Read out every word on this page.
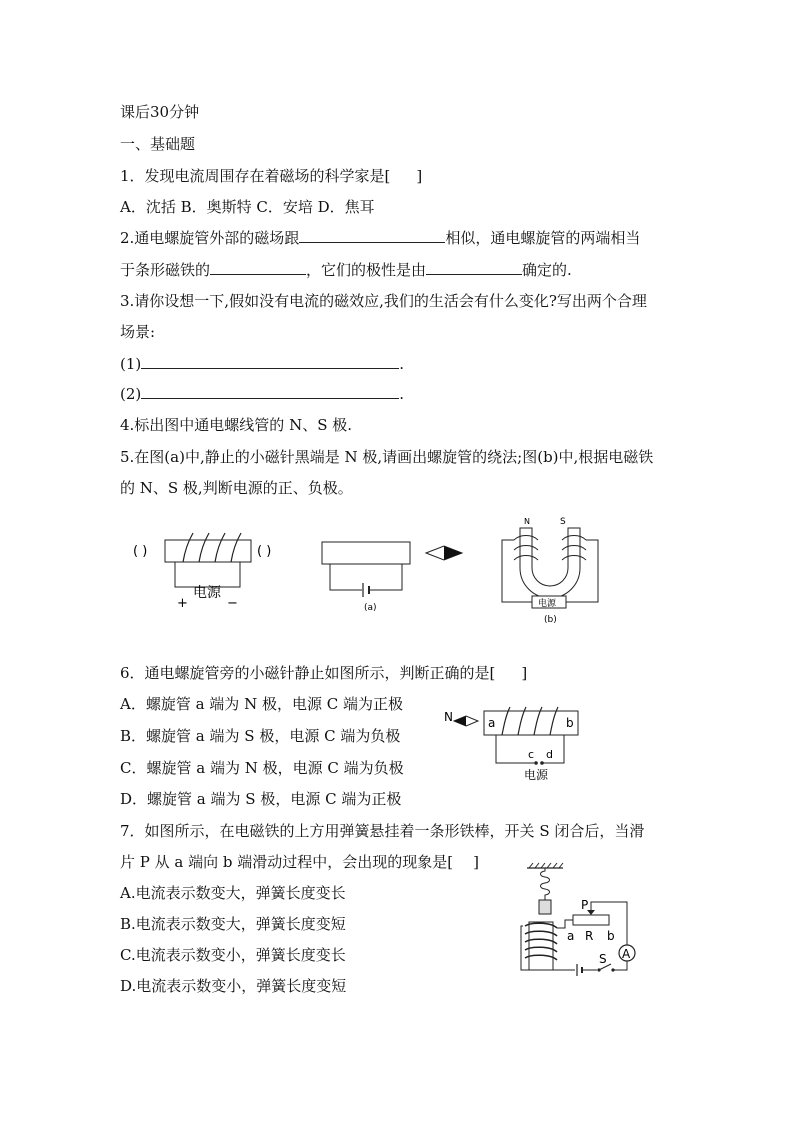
课后30分钟
一、基础题
1．发现电流周围存在着磁场的科学家是[ ]
A．沈括 B．奥斯特 C．安培 D．焦耳
2.通电螺旋管外部的磁场跟	相似，通电螺旋管的两端相当
于条形磁铁的	，它们的极性是由	确定的.
3.请你设想一下,假如没有电流的磁效应,我们的生活会有什么变化?写出两个合理
场景:
(1)	.
(2)	.
4.标出图中通电螺线管的 N、S 极.
5.在图(a)中,静止的小磁针黑端是 N 极,请画出螺旋管的绕法;图(b)中,根据电磁铁
的 N、S 极,判断电源的正、负极。
( )	( )
+
电源
−	(a)
N	S
电源
(b)
6．通电螺旋管旁的小磁针静止如图所示，判断正确的是[ ]
A．螺旋管 a 端为 N 极，电源 C 端为正极
B．螺旋管 a 端为 S 极，电源 C 端为负极
C．螺旋管 a 端为 N 极，电源 C 端为负极
D．螺旋管 a 端为 S 极，电源 C 端为正极
N	a	b
c d
电源
7．如图所示，在电磁铁的上方用弹簧悬挂着一条形铁棒，开关 S 闭合后，当滑
片 P 从 a 端向 b 端滑动过程中，会出现的现象是[ ]
A.电流表示数变大，弹簧长度变长
B.电流表示数变大，弹簧长度变短
C.电流表示数变小，弹簧长度变长
D.电流表示数变小，弹簧长度变短
S A
P
a R b
